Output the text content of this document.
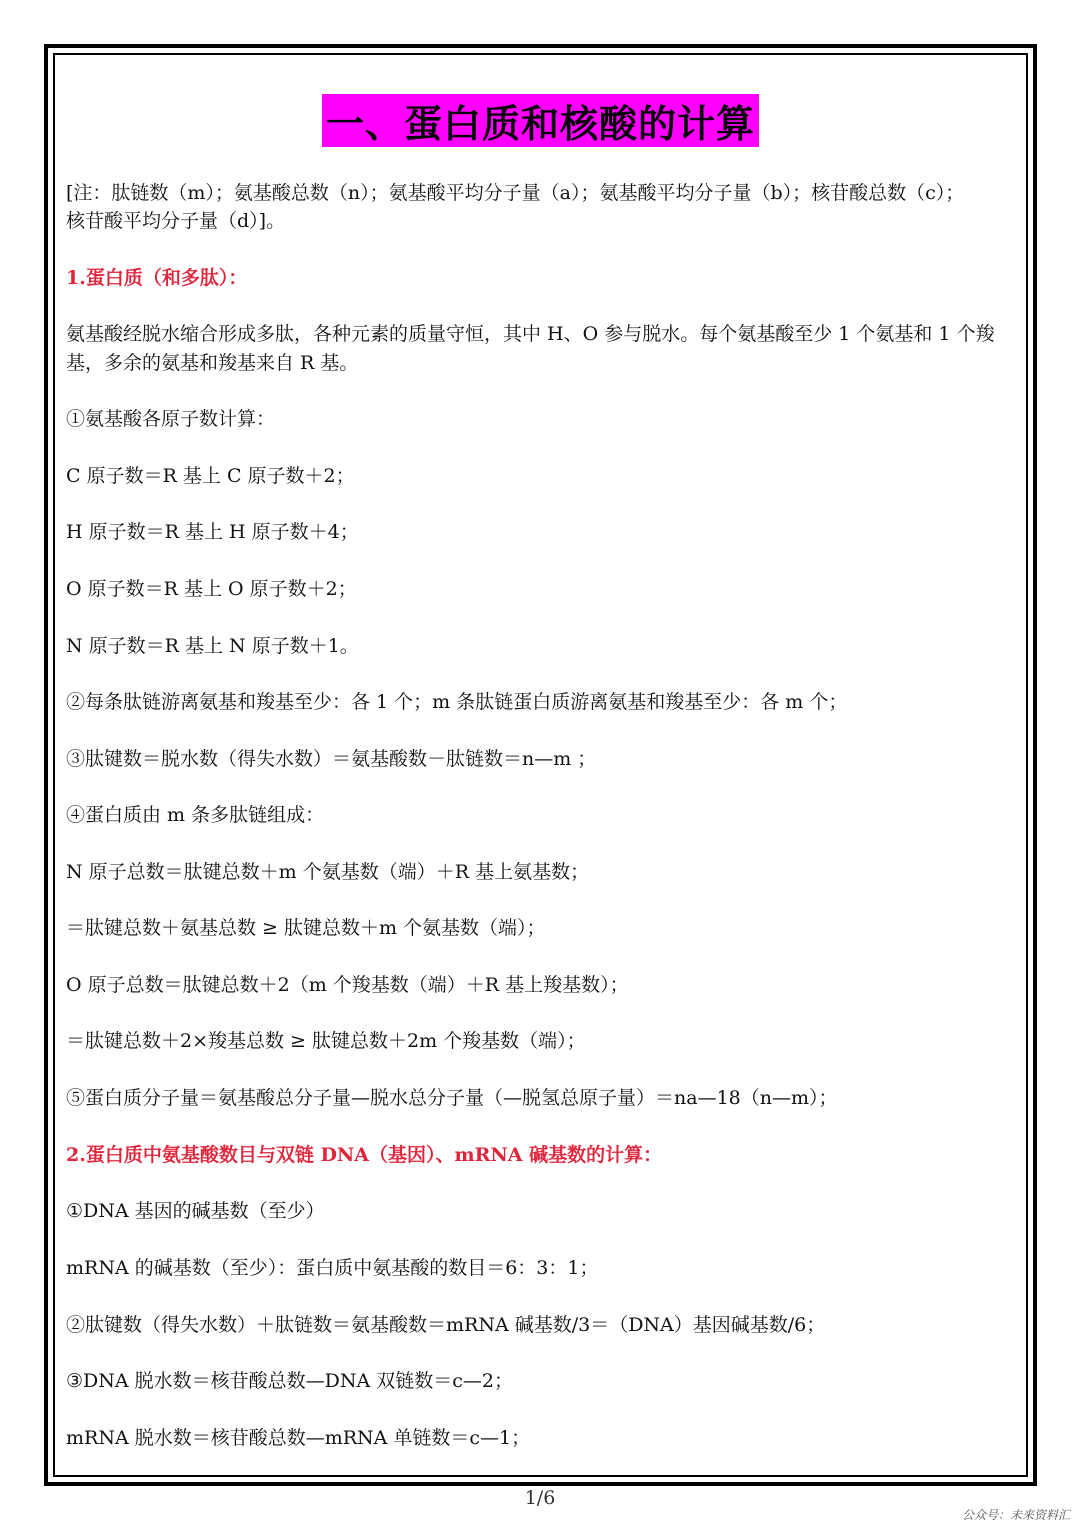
一、蛋白质和核酸的计算
[注：肽链数（m）；氨基酸总数（n）；氨基酸平均分子量（a）；氨基酸平均分子量（b）；核苷酸总数（c）；
核苷酸平均分子量（d）]。
1.蛋白质（和多肽）：
氨基酸经脱水缩合形成多肽，各种元素的质量守恒，其中 H、O 参与脱水。每个氨基酸至少 1 个氨基和 1 个羧
基，多余的氨基和羧基来自 R 基。
①氨基酸各原子数计算：
C 原子数＝R 基上 C 原子数＋2；
H 原子数＝R 基上 H 原子数＋4；
O 原子数＝R 基上 O 原子数＋2；
N 原子数＝R 基上 N 原子数＋1。
②每条肽链游离氨基和羧基至少：各 1 个；m 条肽链蛋白质游离氨基和羧基至少：各 m 个；
③肽键数＝脱水数（得失水数）＝氨基酸数－肽链数＝n—m ；
④蛋白质由 m 条多肽链组成：
N 原子总数＝肽键总数＋m 个氨基数（端）＋R 基上氨基数；
＝肽键总数＋氨基总数 ≥ 肽键总数＋m 个氨基数（端）；
O 原子总数＝肽键总数＋2（m 个羧基数（端）＋R 基上羧基数）；
＝肽键总数＋2×羧基总数 ≥ 肽键总数＋2m 个羧基数（端）；
⑤蛋白质分子量＝氨基酸总分子量—脱水总分子量（—脱氢总原子量）＝na—18（n—m）；
2.蛋白质中氨基酸数目与双链 DNA（基因）、mRNA 碱基数的计算：
①DNA 基因的碱基数（至少）
mRNA 的碱基数（至少）：蛋白质中氨基酸的数目＝6：3：1；
②肽键数（得失水数）＋肽链数＝氨基酸数＝mRNA 碱基数/3＝（DNA）基因碱基数/6；
③DNA 脱水数＝核苷酸总数—DNA 双链数＝c—2；
mRNA 脱水数＝核苷酸总数—mRNA 单链数＝c—1；
1/6
公众号：未来资料汇
